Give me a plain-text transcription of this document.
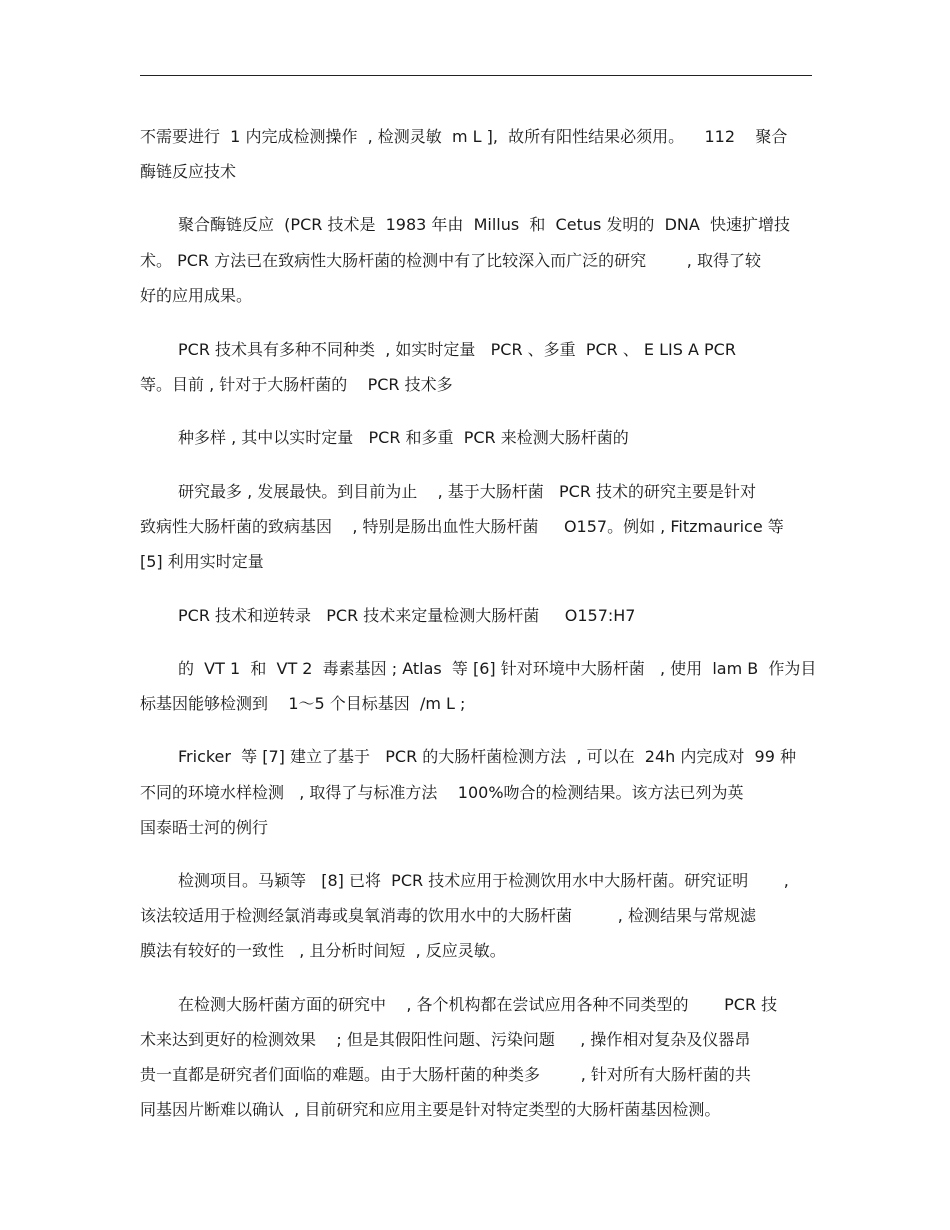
不需要进行  1 内完成检测操作  , 检测灵敏  m L ],  故所有阳性结果必须用。    112    聚合
酶链反应技术
聚合酶链反应  (PCR 技术是  1983 年由  Millus  和  Cetus 发明的  DNA  快速扩增技
术。 PCR 方法已在致病性大肠杆菌的检测中有了比较深入而广泛的研究        , 取得了较
好的应用成果。
PCR 技术具有多种不同种类  , 如实时定量   PCR 、多重  PCR 、 E LIS A PCR
等。目前 , 针对于大肠杆菌的    PCR 技术多
种多样 , 其中以实时定量   PCR 和多重  PCR 来检测大肠杆菌的
研究最多 , 发展最快。到目前为止    , 基于大肠杆菌   PCR 技术的研究主要是针对
致病性大肠杆菌的致病基因    , 特别是肠出血性大肠杆菌     O157。例如 , Fitzmaurice 等
[5] 利用实时定量
PCR 技术和逆转录   PCR 技术来定量检测大肠杆菌     O157:H7
的  VT 1  和  VT 2  毒素基因 ; Atlas  等 [6] 针对环境中大肠杆菌   , 使用  lam B  作为目
标基因能够检测到    1～5 个目标基因  /m L ;
Fricker  等 [7] 建立了基于   PCR 的大肠杆菌检测方法  , 可以在  24h 内完成对  99 种
不同的环境水样检测   , 取得了与标准方法    100%吻合的检测结果。该方法已列为英
国泰晤士河的例行
检测项目。马颖等   [8] 已将  PCR 技术应用于检测饮用水中大肠杆菌。研究证明       ,
该法较适用于检测经氯消毒或臭氧消毒的饮用水中的大肠杆菌         , 检测结果与常规滤
膜法有较好的一致性   , 且分析时间短  , 反应灵敏。
在检测大肠杆菌方面的研究中    , 各个机构都在尝试应用各种不同类型的       PCR 技
术来达到更好的检测效果    ; 但是其假阳性问题、污染问题     , 操作相对复杂及仪器昂
贵一直都是研究者们面临的难题。由于大肠杆菌的种类多        , 针对所有大肠杆菌的共
同基因片断难以确认  , 目前研究和应用主要是针对特定类型的大肠杆菌基因检测。
